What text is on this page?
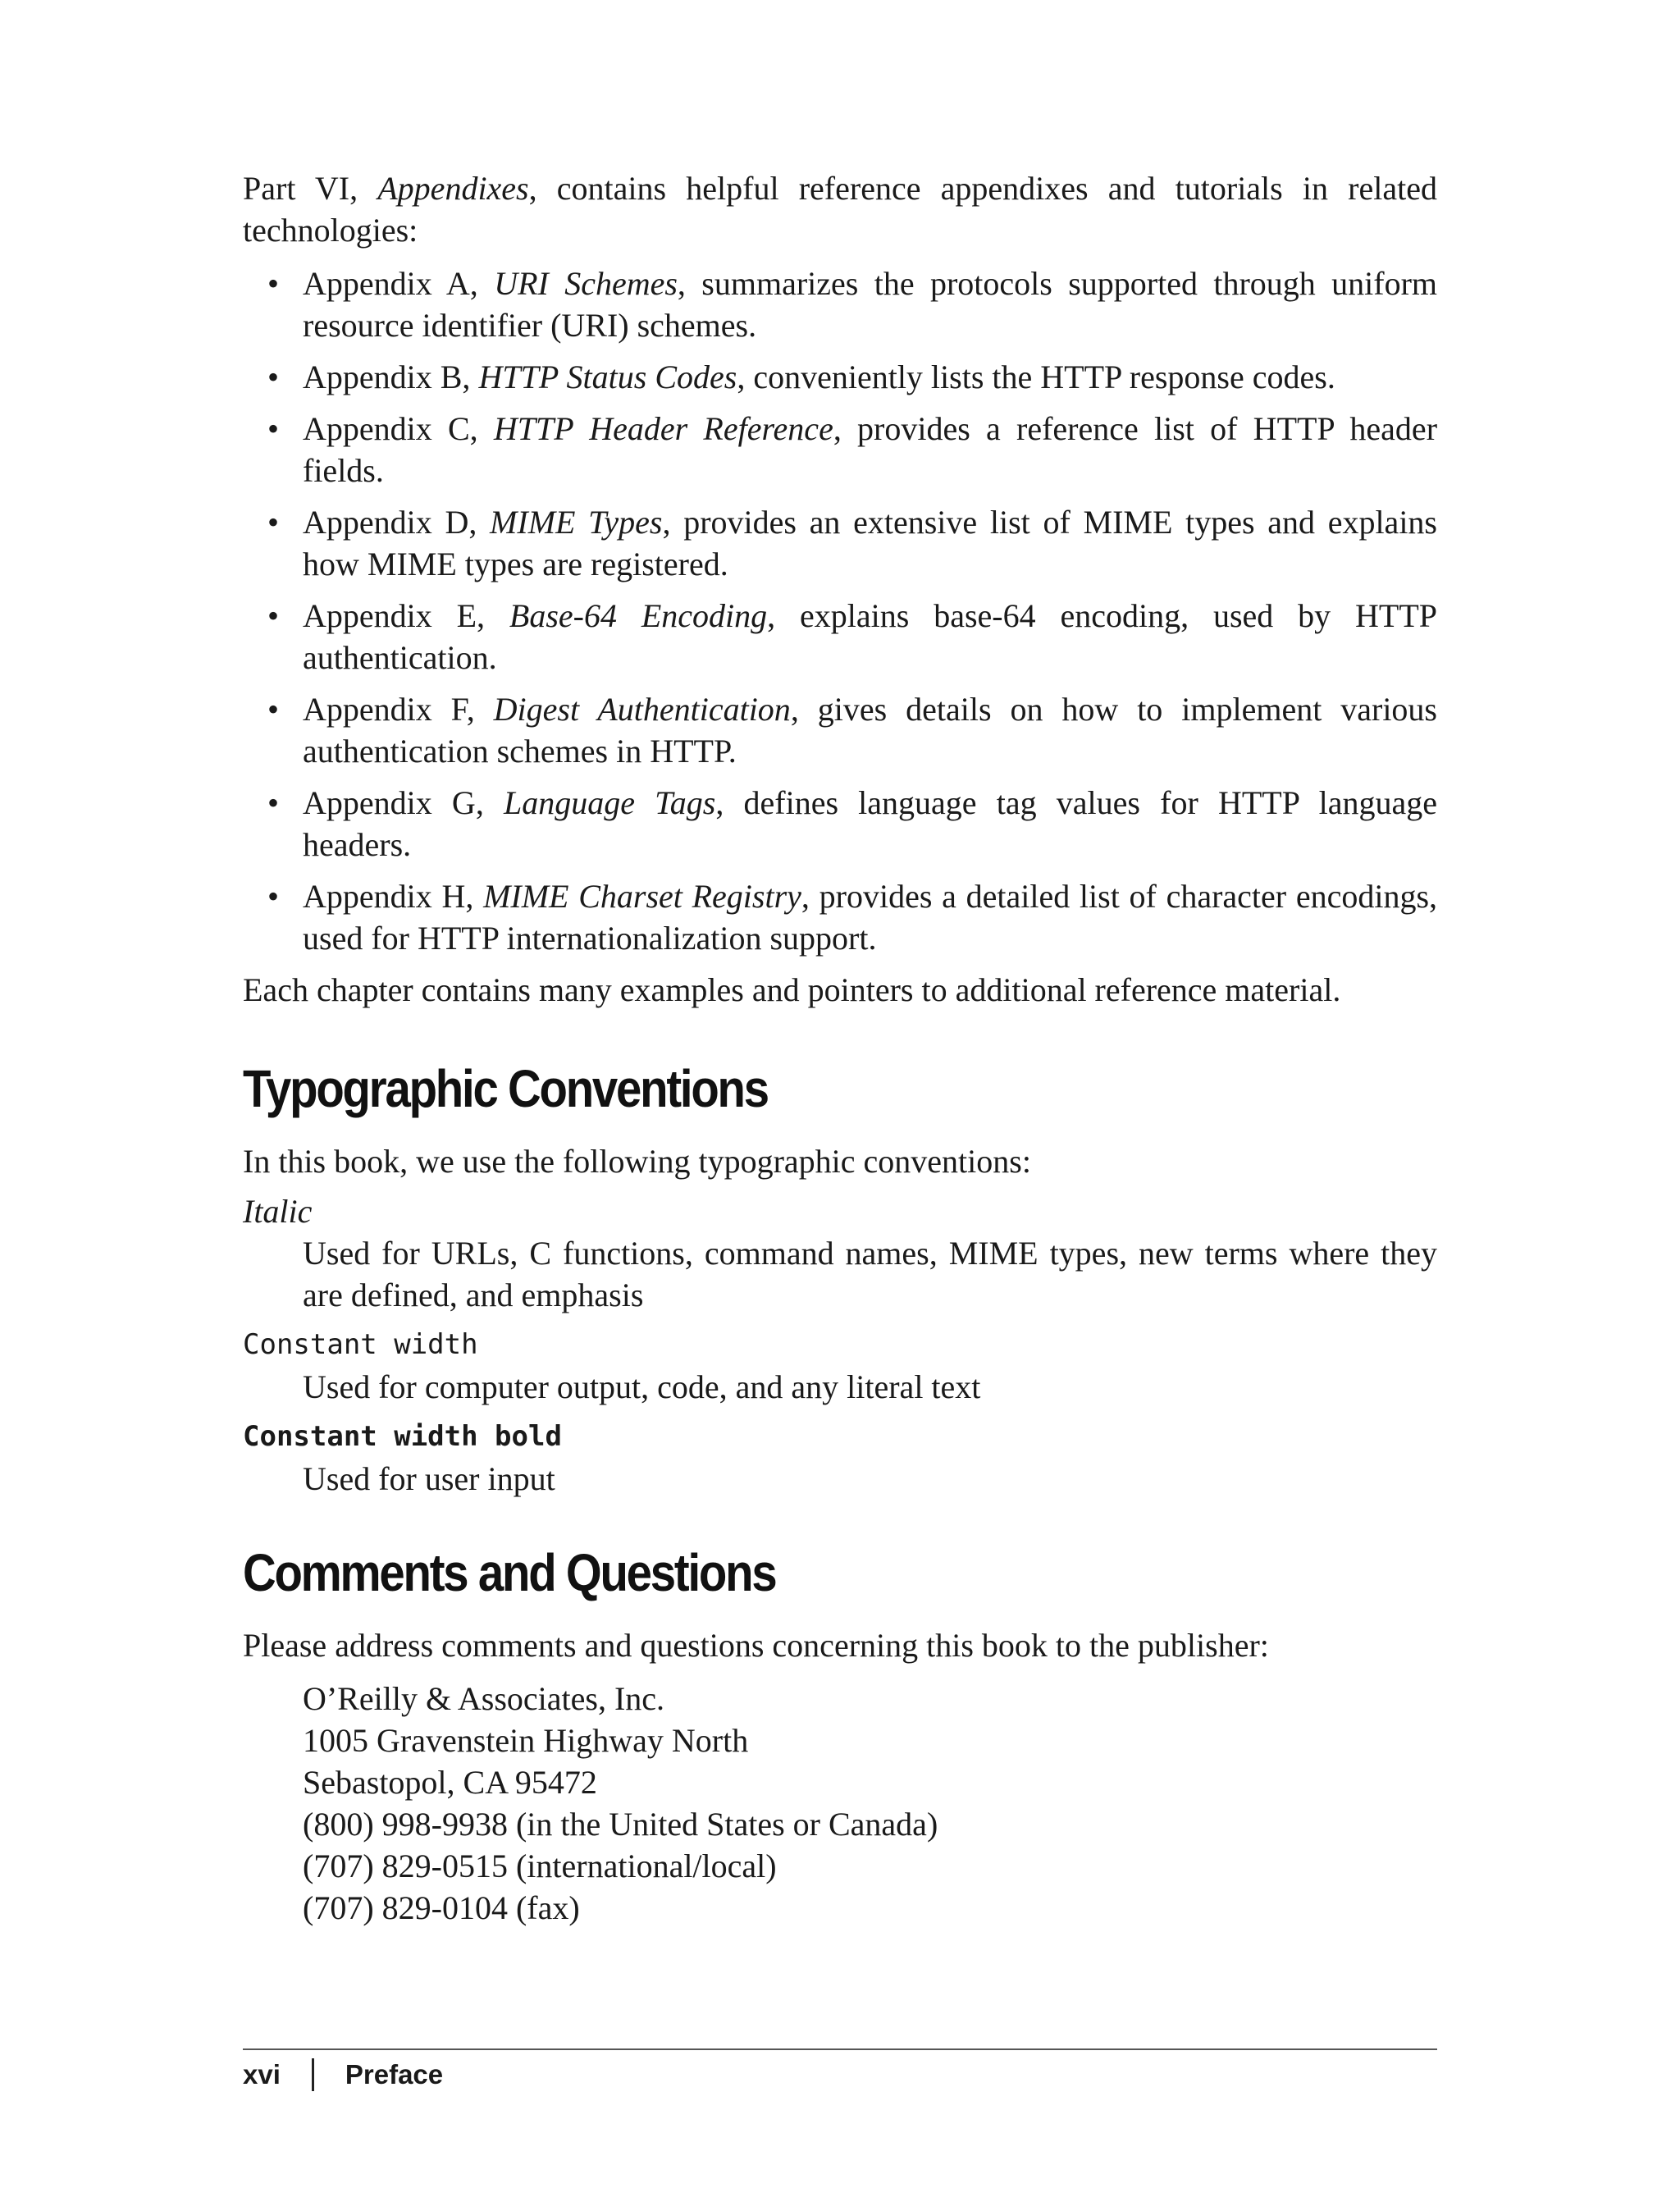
Part VI, Appendixes, contains helpful reference appendixes and tutorials in related technologies:

• Appendix A, URI Schemes, summarizes the protocols supported through uniform resource identifier (URI) schemes.
• Appendix B, HTTP Status Codes, conveniently lists the HTTP response codes.
• Appendix C, HTTP Header Reference, provides a reference list of HTTP header fields.
• Appendix D, MIME Types, provides an extensive list of MIME types and explains how MIME types are registered.
• Appendix E, Base-64 Encoding, explains base-64 encoding, used by HTTP authentication.
• Appendix F, Digest Authentication, gives details on how to implement various authentication schemes in HTTP.
• Appendix G, Language Tags, defines language tag values for HTTP language headers.
• Appendix H, MIME Charset Registry, provides a detailed list of character encodings, used for HTTP internationalization support.

Each chapter contains many examples and pointers to additional reference material.

Typographic Conventions

In this book, we use the following typographic conventions:

Italic
Used for URLs, C functions, command names, MIME types, new terms where they are defined, and emphasis
Constant width
Used for computer output, code, and any literal text
Constant width bold
Used for user input
Comments and Questions

Please address comments and questions concerning this book to the publisher:

O’Reilly & Associates, Inc.
1005 Gravenstein Highway North
Sebastopol, CA 95472
(800) 998-9938 (in the United States or Canada)
(707) 829-0515 (international/local)
(707) 829-0104 (fax)
xvi Preface
